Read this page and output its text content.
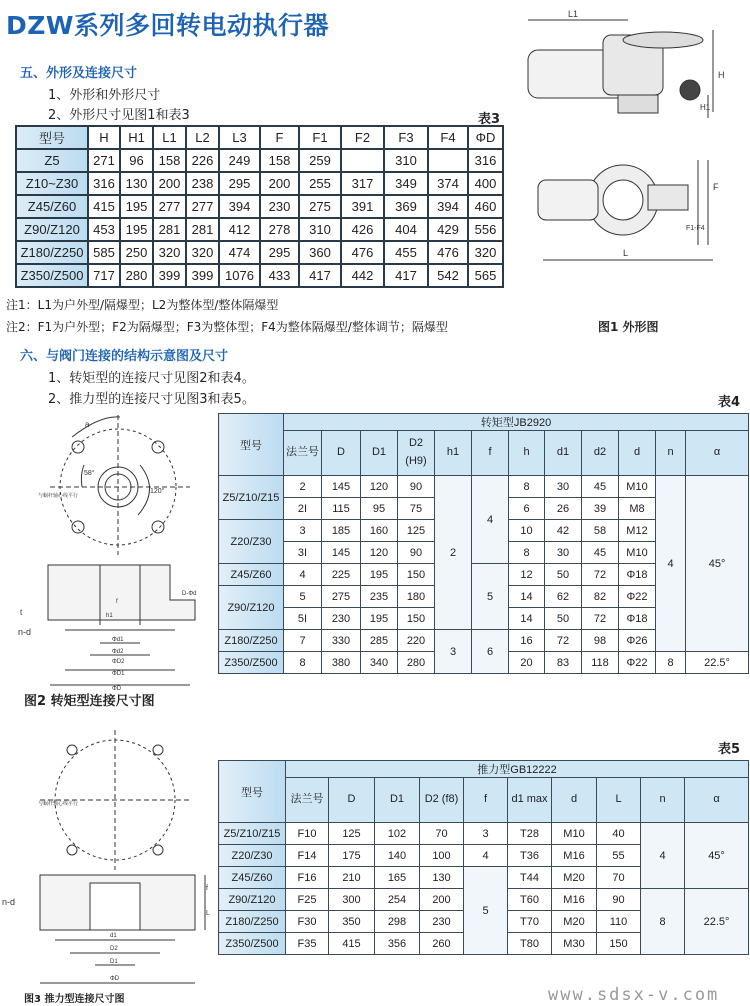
DZW系列多回转电动执行器
五、外形及连接尺寸
1、外形和外形尺寸
2、外形尺寸见图1和表3	表3
型号	H	H1	L1	L2	L3	F	F1	F2	F3	F4	ΦD
Z5	271	96	158	226	249	158	259		310		316
Z10~Z30	316	130	200	238	295	200	255	317	349	374	400
Z45/Z60	415	195	277	277	394	230	275	391	369	394	460
Z90/Z120	453	195	281	281	412	278	310	426	404	429	556
Z180/Z250	585	250	320	320	474	295	360	476	455	476	320
Z350/Z500	717	280	399	399	1076	433	417	442	417	542	565
注1：L1为户外型/隔爆型；L2为整体型/整体隔爆型
注2：F1为户外型；F2为隔爆型；F3为整体型；F4为整体隔爆型/整体调节；隔爆型
L1
H
H1
F
F1-F4
L
图1 外形图
六、与阀门连接的结构示意图及尺寸
1、转矩型的连接尺寸见图2和表4。
2、推力型的连接尺寸见图3和表5。	表4
型号	转矩型JB2920											
	法兰号	D	D1	D2 (H9)	h1	f	h	d1	d2	d	n	α
Z5/Z10/Z15	2	145	120	90	2	4	8	30	45	M10	4	45°
	2I	115	95	75			6	26	39	M8		
Z20/Z30	3	185	160	125			10	42	58	M12		
	3I	145	120	90			8	30	45	M10		
Z45/Z60	4	225	195	150		5	12	50	72	Φ18		
Z90/Z120	5	275	235	180			14	62	82	Φ22		
	5I	230	195	150			14	50	72	Φ18		
Z180/Z250	7	330	285	220	3	6	16	72	98	Φ26		
Z350/Z500	8	380	340	280			20	83	118	Φ22	8	22.5°
a
58°
120°
与蜗杆轴心线平行
D-Φd
t
n-d
h1
f
Φd1
Φd2
ΦD2
ΦD1
ΦD
图2 转矩型连接尺寸图
表5
型号	推力型GB12222									
	法兰号	D	D1	D2 (f8)	f	d1 max	d	L	n	α
Z5/Z10/Z15	F10	125	102	70	3	T28	M10	40	4	45°
Z20/Z30	F14	175	140	100	4	T36	M16	55		
Z45/Z60	F16	210	165	130	5	T44	M20	70		
Z90/Z120	F25	300	254	200		T60	M16	90	8	22.5°
Z180/Z250	F30	350	298	230		T70	M20	110		
Z350/Z500	F35	415	356	260		T80	M30	150		
与蜗杆轴心线平行
n-d
f
L
d1
D2
D1
ΦD
图3 推力型连接尺寸图	www.sdsx-v.com
